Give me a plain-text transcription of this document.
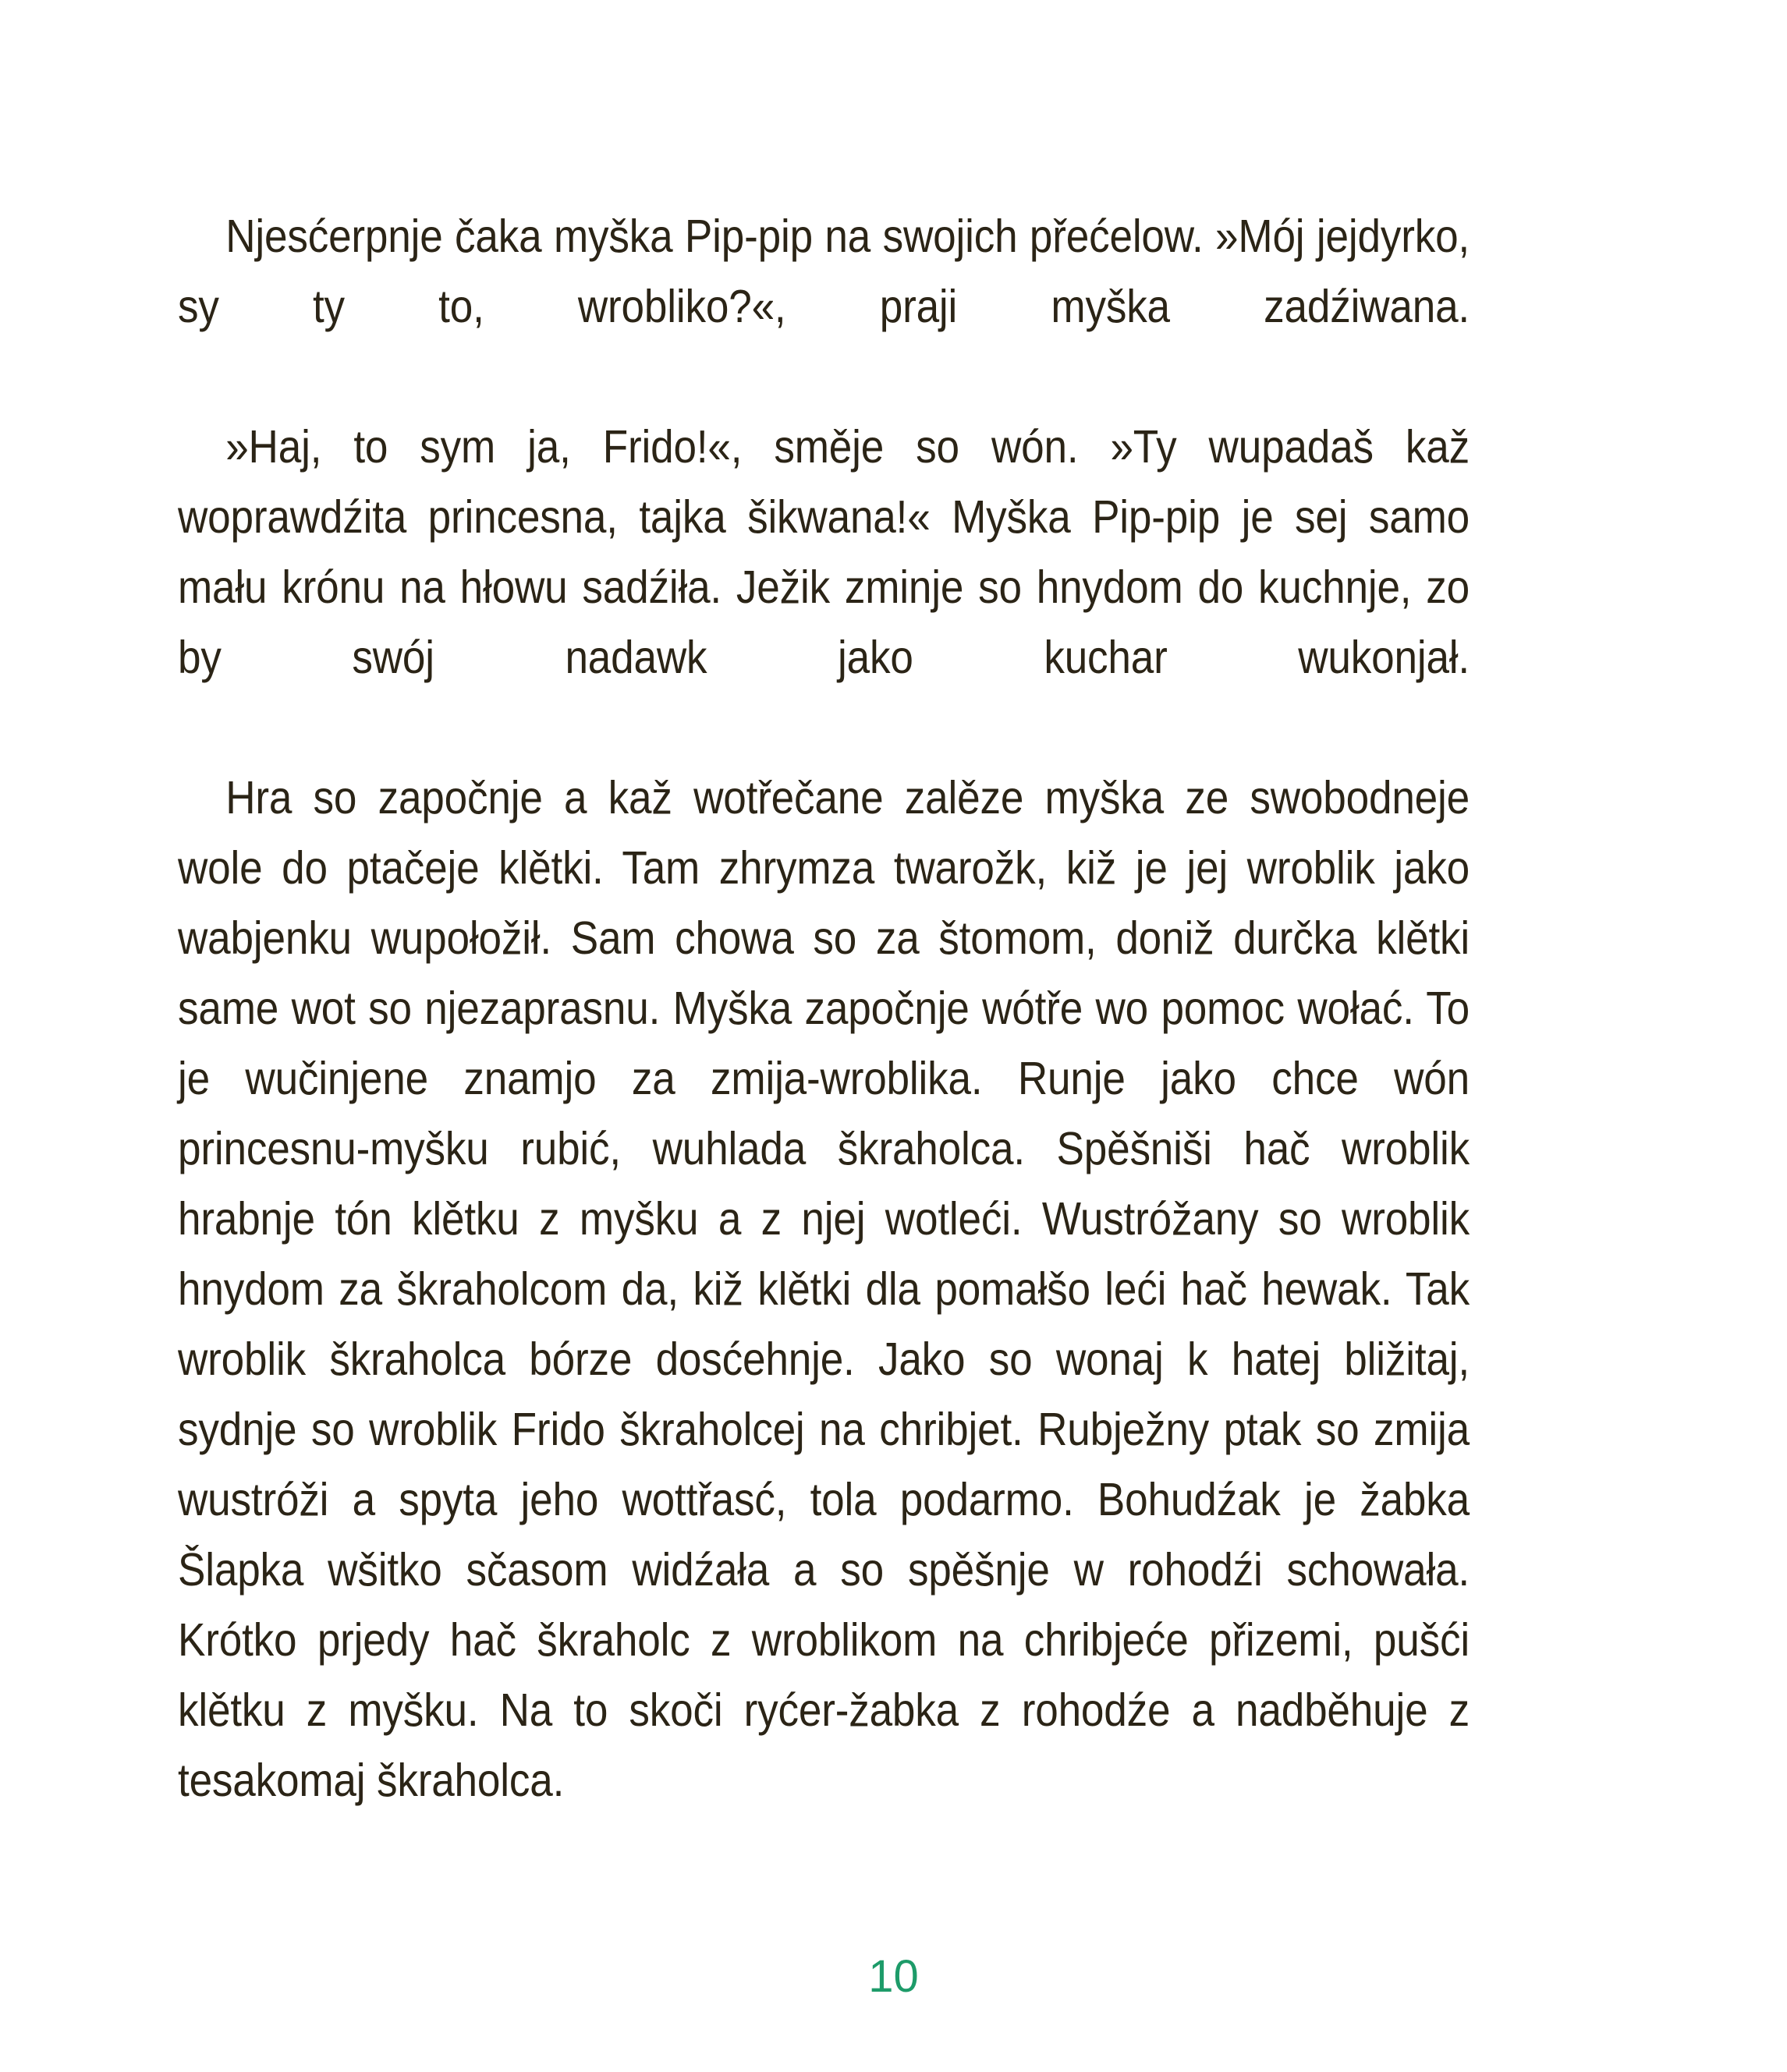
Njesćerpnje čaka myška Pip-pip na swojich přećelow. »Mój jejdyrko, sy ty to, wrobliko?«, praji myška zadźiwana.

»Haj, to sym ja, Frido!«, směje so wón. »Ty wupadaš kaž woprawdźita princesna, tajka šikwana!« Myška Pip-pip je sej samo mału krónu na hłowu sadźiła. Ježik zminje so hnydom do kuchnje, zo by swój nadawk jako kuchar wukonjał.

Hra so započnje a kaž wotřečane zalěze myška ze swobodneje wole do ptačeje klětki. Tam zhrymza twarožk, kiž je jej wroblik jako wabjenku wupołožił. Sam chowa so za štomom, doniž durčka klětki same wot so njezaprasnu. Myška započnje wótře wo pomoc wołać. To je wučinjene znamjo za zmija-wroblika. Runje jako chce wón princesnu-myšku rubić, wuhlada škraholca. Spěšniši hač wroblik hrabnje tón klětku z myšku a z njej wotleći. Wustróžany so wroblik hnydom za škraholcom da, kiž klětki dla pomałšo leći hač hewak. Tak wroblik škraholca bórze dosćehnje. Jako so wonaj k hatej bližitaj, sydnje so wroblik Frido škraholcej na chribjet. Rubježny ptak so zmija wustróži a spyta jeho wottřasć, tola podarmo. Bohudźak je žabka Šlapka wšitko sčasom widźała a so spěšnje w rohodźi schowała. Krótko prjedy hač škraholc z wroblikom na chribjeće přizemi, pušći klětku z myšku. Na to skoči ryćer-žabka z rohodźe a nadběhuje z tesakomaj škraholca.

10
